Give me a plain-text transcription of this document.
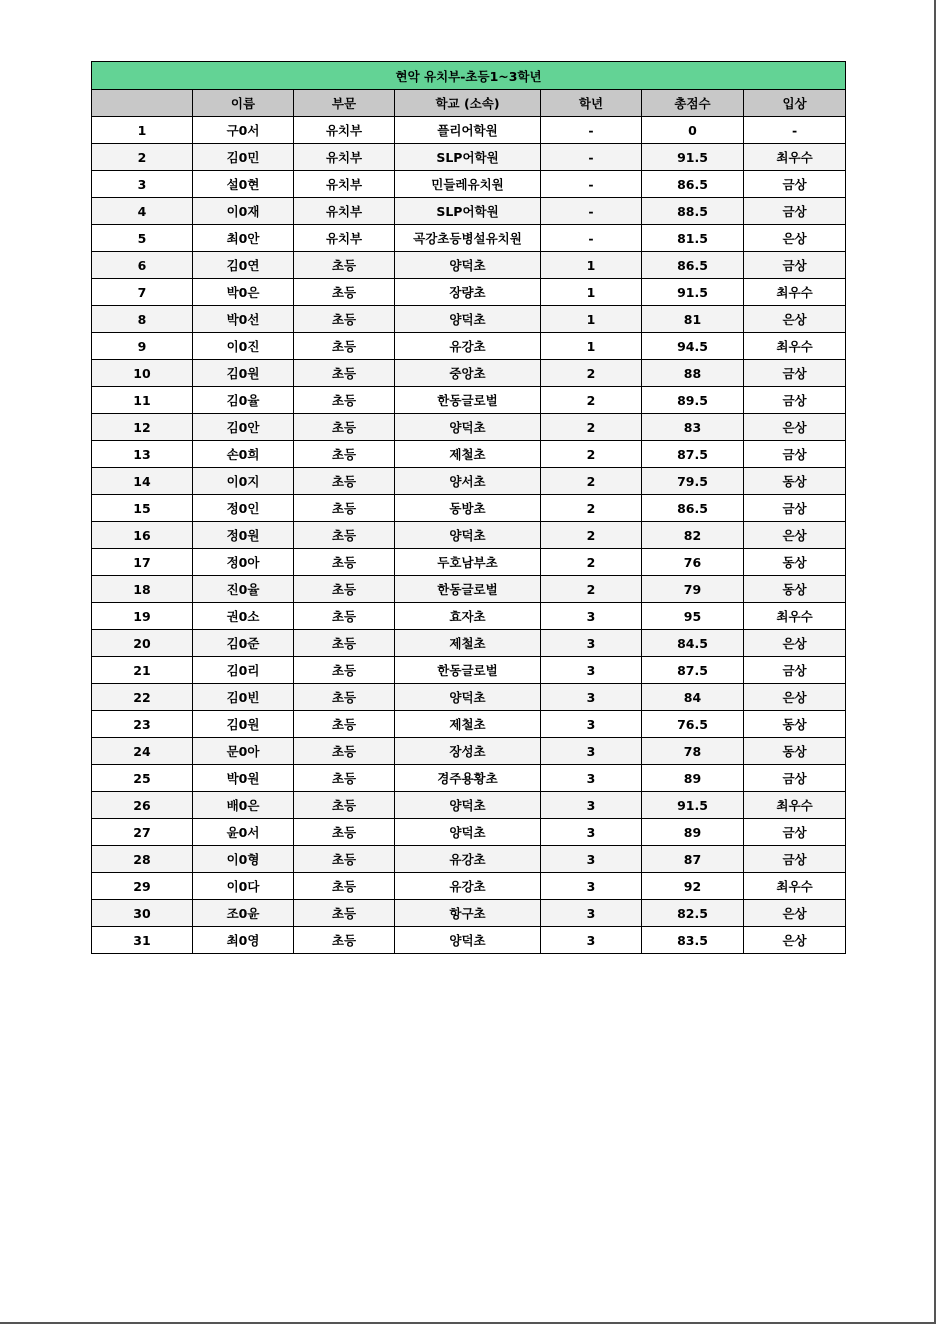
현악 유치부-초등1~3학년						
	이름	부문	학교 (소속)	학년	총점수	입상
1	구0서	유치부	플리어학원	-	0	-
2	김0민	유치부	SLP어학원	-	91.5	최우수
3	설0현	유치부	민들레유치원	-	86.5	금상
4	이0재	유치부	SLP어학원	-	88.5	금상
5	최0안	유치부	곡강초등병설유치원	-	81.5	은상
6	김0연	초등	양덕초	1	86.5	금상
7	박0은	초등	장량초	1	91.5	최우수
8	박0선	초등	양덕초	1	81	은상
9	이0진	초등	유강초	1	94.5	최우수
10	김0원	초등	중앙초	2	88	금상
11	김0율	초등	한동글로벌	2	89.5	금상
12	김0안	초등	양덕초	2	83	은상
13	손0희	초등	제철초	2	87.5	금상
14	이0지	초등	양서초	2	79.5	동상
15	정0인	초등	동방초	2	86.5	금상
16	정0원	초등	양덕초	2	82	은상
17	정0아	초등	두호남부초	2	76	동상
18	진0율	초등	한동글로벌	2	79	동상
19	권0소	초등	효자초	3	95	최우수
20	김0준	초등	제철초	3	84.5	은상
21	김0리	초등	한동글로벌	3	87.5	금상
22	김0빈	초등	양덕초	3	84	은상
23	김0원	초등	제철초	3	76.5	동상
24	문0아	초등	장성초	3	78	동상
25	박0원	초등	경주용황초	3	89	금상
26	배0은	초등	양덕초	3	91.5	최우수
27	윤0서	초등	양덕초	3	89	금상
28	이0형	초등	유강초	3	87	금상
29	이0다	초등	유강초	3	92	최우수
30	조0윤	초등	항구초	3	82.5	은상
31	최0영	초등	양덕초	3	83.5	은상
